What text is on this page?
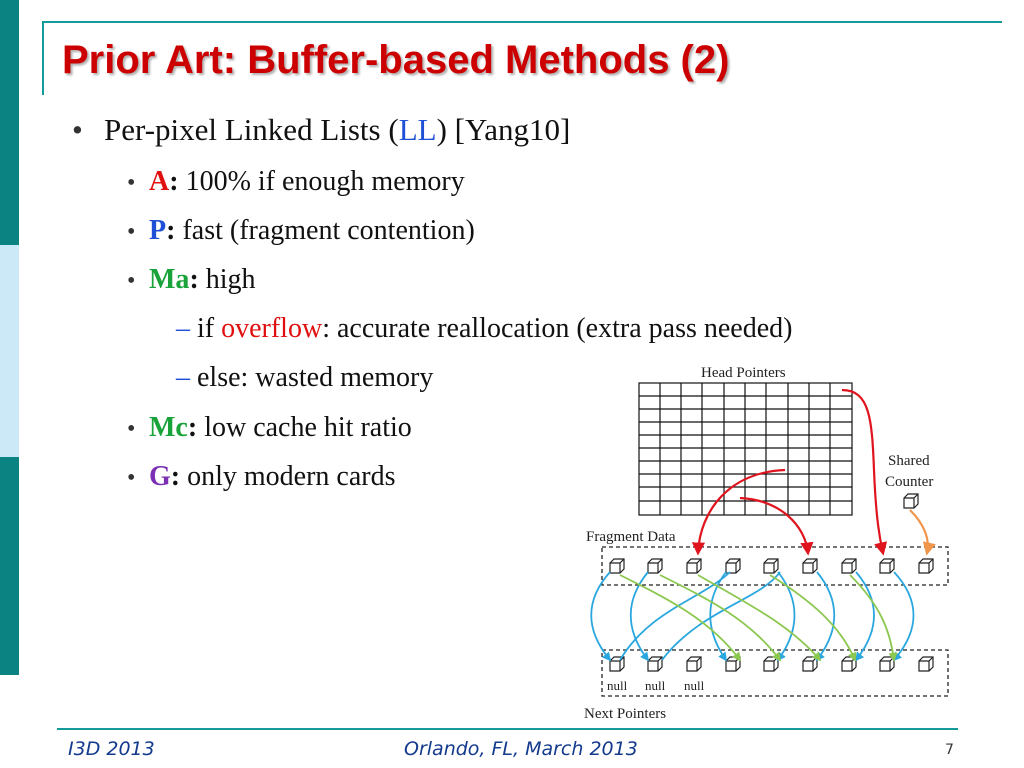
Prior Art: Buffer-based Methods (2)
• Per-pixel Linked Lists (LL) [Yang10]
• A: 100% if enough memory
• P: fast (fragment contention)
• Ma: high
– if overflow: accurate reallocation (extra pass needed)
– else: wasted memory
• Mc: low cache hit ratio
• G: only modern cards
Head Pointers
Shared
Counter
Fragment Data
null null null
Next Pointers
I3D 2013	Orlando, FL, March 2013	7
